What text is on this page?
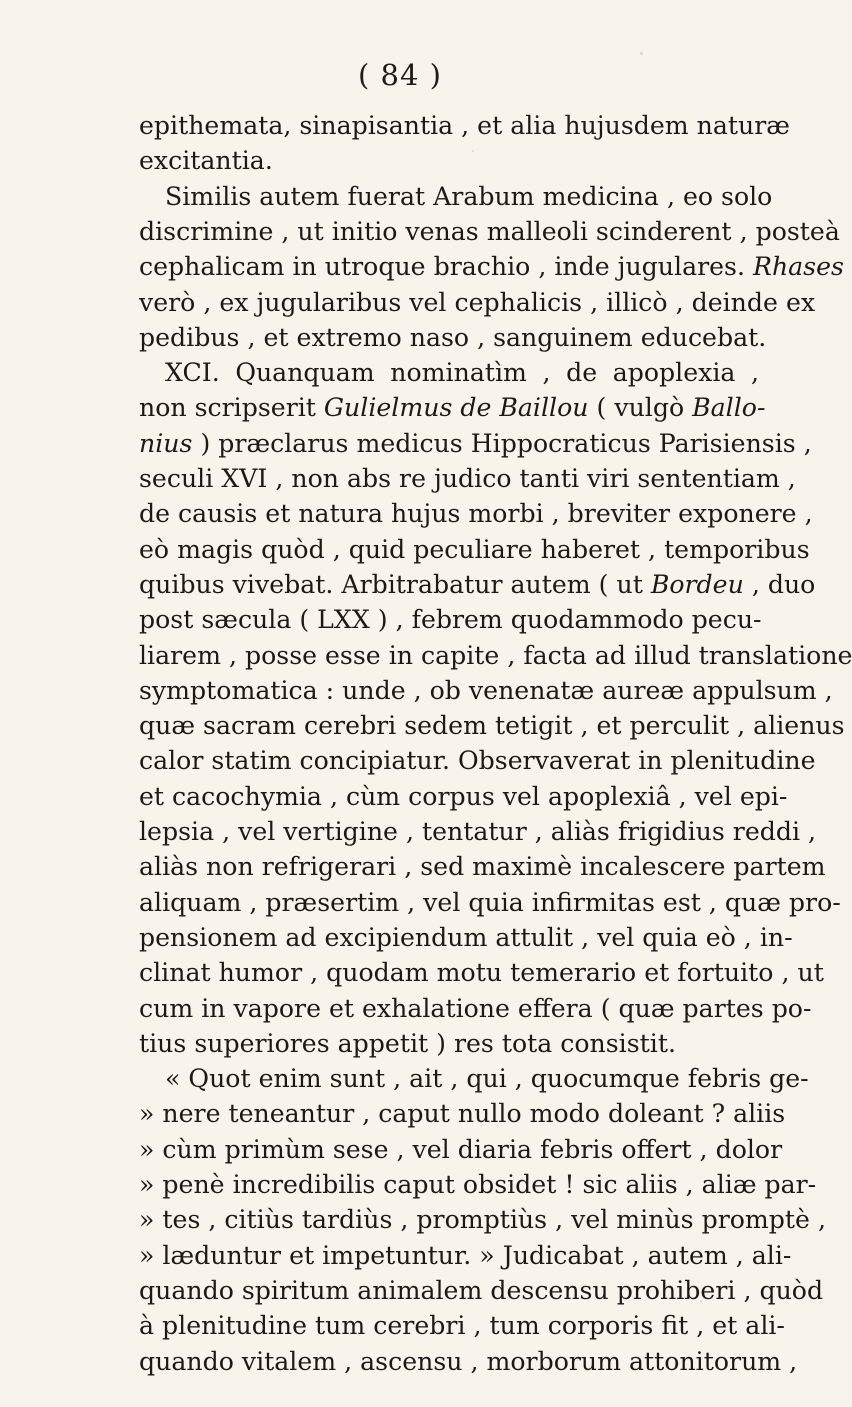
( 84 )
epithemata, sinapisantia , et alia hujusdem naturæ
excitantia.
Similis autem fuerat Arabum medicina , eo solo
discrimine , ut initio venas malleoli scinderent , posteà
cephalicam in utroque brachio , inde jugulares. Rhases
verò , ex jugularibus vel cephalicis , illicò , deinde ex
pedibus , et extremo naso , sanguinem educebat.
XCI. Quanquam nominatìm , de apoplexia ,
non scripserit Gulielmus de Baillou ( vulgò Ballo-
nius ) præclarus medicus Hippocraticus Parisiensis ,
seculi XVI , non abs re judico tanti viri sententiam ,
de causis et natura hujus morbi , breviter exponere ,
eò magis quòd , quid peculiare haberet , temporibus
quibus vivebat. Arbitrabatur autem ( ut Bordeu , duo
post sæcula ( LXX ) , febrem quodammodo pecu-
liarem , posse esse in capite , facta ad illud translatione
symptomatica : unde , ob venenatæ aureæ appulsum ,
quæ sacram cerebri sedem tetigit , et perculit , alienus
calor statim concipiatur. Observaverat in plenitudine
et cacochymia , cùm corpus vel apoplexiâ , vel epi-
lepsia , vel vertigine , tentatur , aliàs frigidius reddi ,
aliàs non refrigerari , sed maximè incalescere partem
aliquam , præsertim , vel quia infirmitas est , quæ pro-
pensionem ad excipiendum attulit , vel quia eò , in-
clinat humor , quodam motu temerario et fortuito , ut
cum in vapore et exhalatione effera ( quæ partes po-
tius superiores appetit ) res tota consistit.
« Quot enim sunt , ait , qui , quocumque febris ge-
» nere teneantur , caput nullo modo doleant ? aliis
» cùm primùm sese , vel diaria febris offert , dolor
» penè incredibilis caput obsidet ! sic aliis , aliæ par-
» tes , citiùs tardiùs , promptiùs , vel minùs promptè ,
» læduntur et impetuntur. » Judicabat , autem , ali-
quando spiritum animalem descensu prohiberi , quòd
à plenitudine tum cerebri , tum corporis fit , et ali-
quando vitalem , ascensu , morborum attonitorum ,
